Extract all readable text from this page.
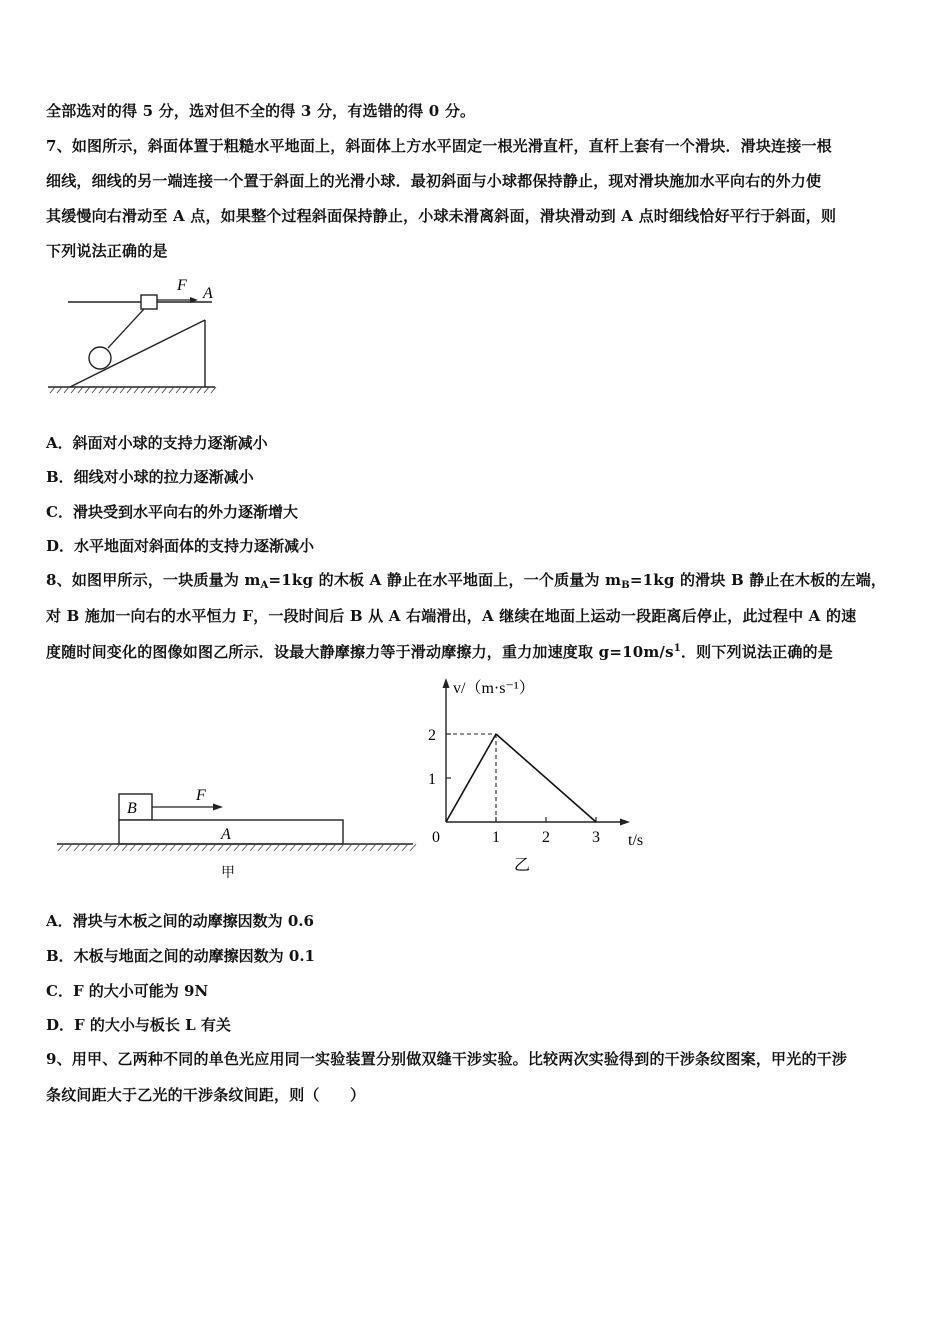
全部选对的得 5 分，选对但不全的得 3 分，有选错的得 0 分。
7、如图所示，斜面体置于粗糙水平地面上，斜面体上方水平固定一根光滑直杆，直杆上套有一个滑块．滑块连接一根
细线，细线的另一端连接一个置于斜面上的光滑小球．最初斜面与小球都保持静止，现对滑块施加水平向右的外力使
其缓慢向右滑动至 A 点，如果整个过程斜面保持静止，小球未滑离斜面，滑块滑动到 A 点时细线恰好平行于斜面，则
下列说法正确的是
F A
A．斜面对小球的支持力逐渐减小
B．细线对小球的拉力逐渐减小
C．滑块受到水平向右的外力逐渐增大
D．水平地面对斜面体的支持力逐渐减小
8、如图甲所示，一块质量为 $m_A=1kg$ 的木板 A 静止在水平地面上，一个质量为 $m_B=1kg$ 的滑块 B 静止在木板的左端，
对 B 施加一向右的水平恒力 F，一段时间后 B 从 A 右端滑出，A 继续在地面上运动一段距离后停止，此过程中 A 的速
度随时间变化的图像如图乙所示．设最大静摩擦力等于滑动摩擦力，重力加速度取 $g=10m/s^1$．则下列说法正确的是
B
F
A
甲
v/（m·s⁻¹）
t/s
0	1	2	3
1
2
乙
A．滑块与木板之间的动摩擦因数为 0.6
B．木板与地面之间的动摩擦因数为 0.1
C．F 的大小可能为 9N
D．F 的大小与板长 L 有关
9、用甲、乙两种不同的单色光应用同一实验装置分别做双缝干涉实验。比较两次实验得到的干涉条纹图案，甲光的干涉
条纹间距大于乙光的干涉条纹间距，则（　　）
